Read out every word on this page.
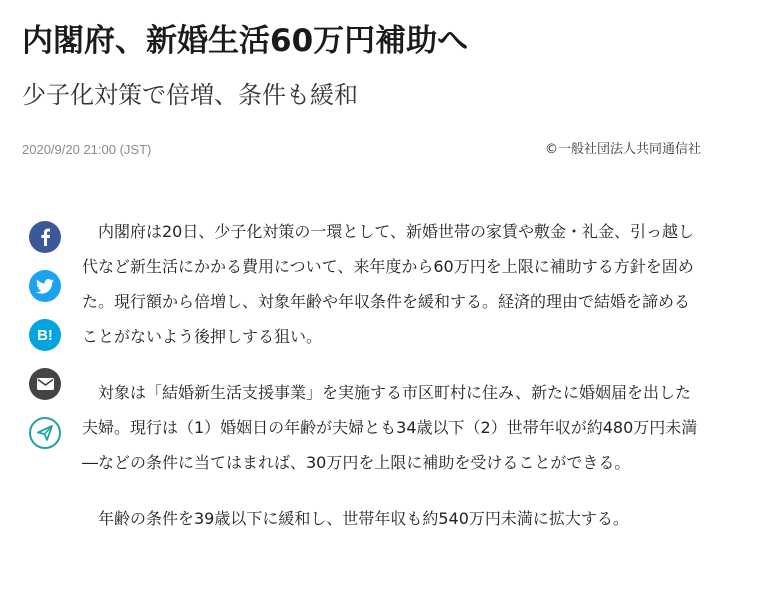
内閣府、新婚生活60万円補助へ
少子化対策で倍増、条件も緩和
2020/9/20 21:00 (JST)	©一般社団法人共同通信社
B!

内閣府は20日、少子化対策の一環として、新婚世帯の家賃や敷金・礼金、引っ越し代など新生活にかかる費用について、来年度から60万円を上限に補助する方針を固めた。現行額から倍増し、対象年齢や年収条件を緩和する。経済的理由で結婚を諦めることがないよう後押しする狙い。

対象は「結婚新生活支援事業」を実施する市区町村に住み、新たに婚姻届を出した夫婦。現行は（1）婚姻日の年齢が夫婦とも34歳以下（2）世帯年収が約480万円未満―などの条件に当てはまれば、30万円を上限に補助を受けることができる。

年齢の条件を39歳以下に緩和し、世帯年収も約540万円未満に拡大する。
